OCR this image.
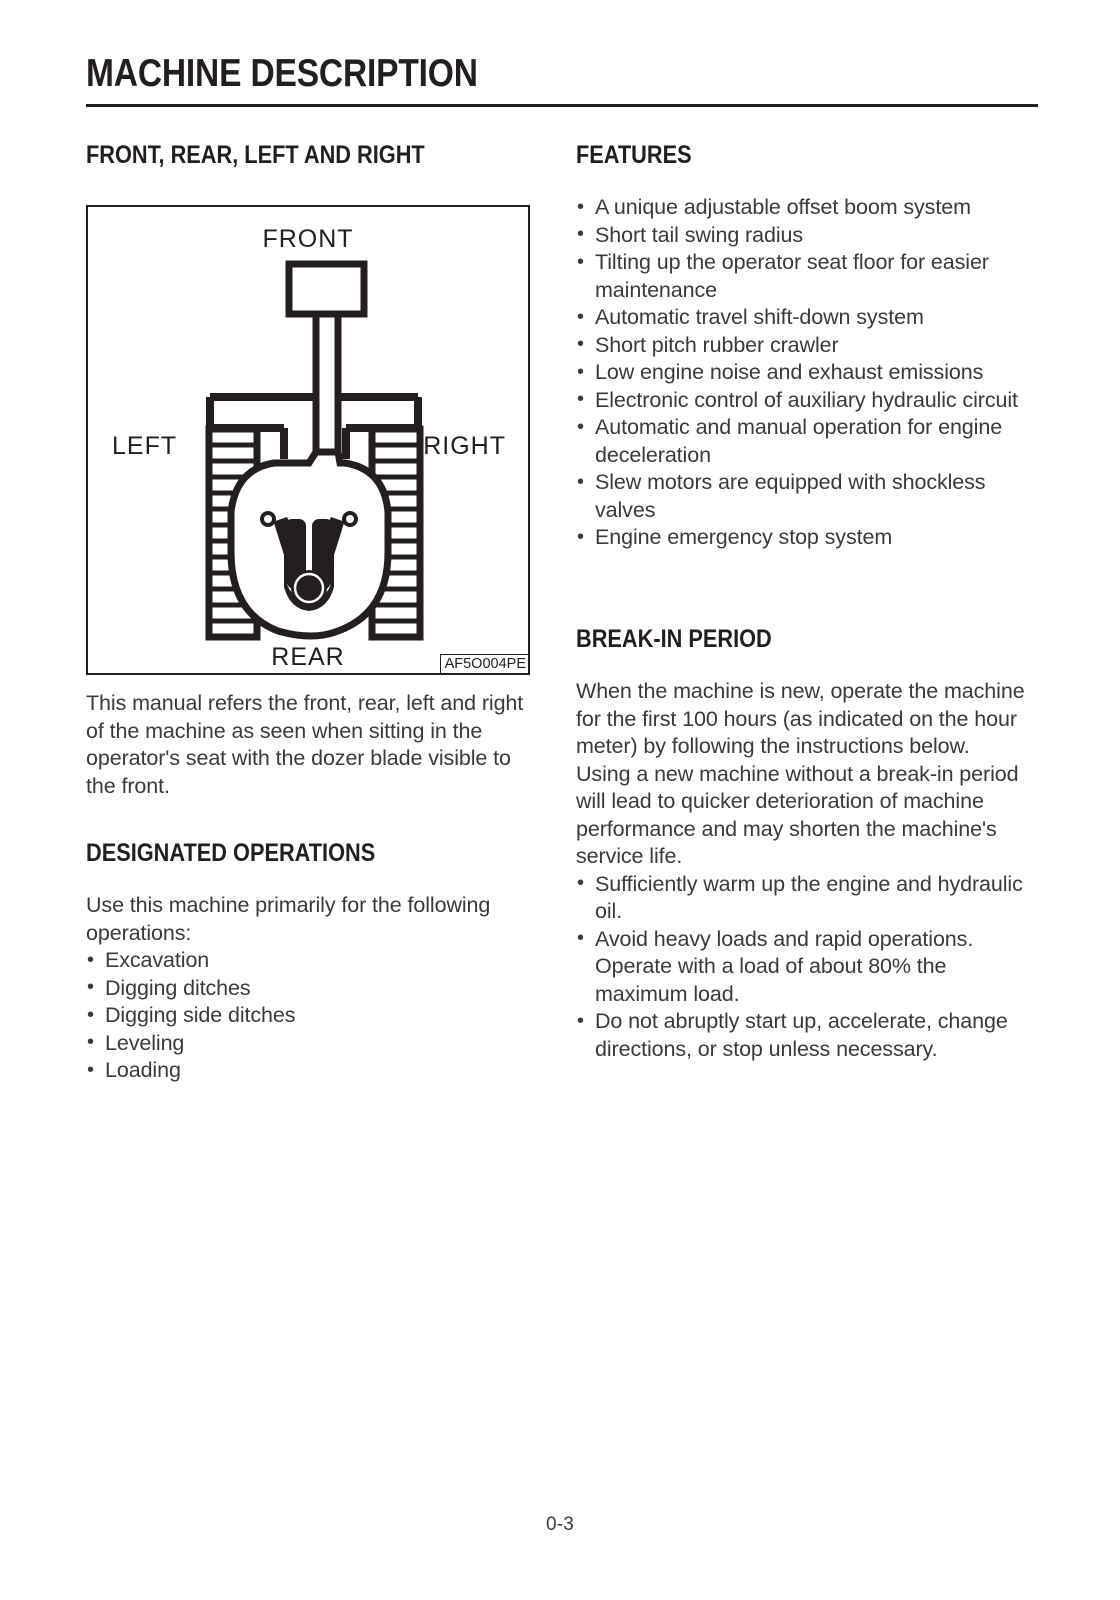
MACHINE DESCRIPTION
FRONT, REAR, LEFT AND RIGHT
FRONT
REAR
LEFT	RIGHT
AF5O004PE

This manual refers the front, rear, left and right of the machine as seen when sitting in the operator's seat with the dozer blade visible to the front.

DESIGNATED OPERATIONS

Use this machine primarily for the following operations:

• Excavation
• Digging ditches
• Digging side ditches
• Leveling
• Loading
FEATURES
• A unique adjustable offset boom system
• Short tail swing radius
• Tilting up the operator seat floor for easier maintenance
• Automatic travel shift-down system
• Short pitch rubber crawler
• Low engine noise and exhaust emissions
• Electronic control of auxiliary hydraulic circuit
• Automatic and manual operation for engine deceleration
• Slew motors are equipped with shockless valves
• Engine emergency stop system
BREAK-IN PERIOD

When the machine is new, operate the machine for the first 100 hours (as indicated on the hour meter) by following the instructions below.

Using a new machine without a break-in period will lead to quicker deterioration of machine performance and may shorten the machine's service life.

• Sufficiently warm up the engine and hydraulic oil.
• Avoid heavy loads and rapid operations. Operate with a load of about 80% the maximum load.
• Do not abruptly start up, accelerate, change directions, or stop unless necessary.
0-3
